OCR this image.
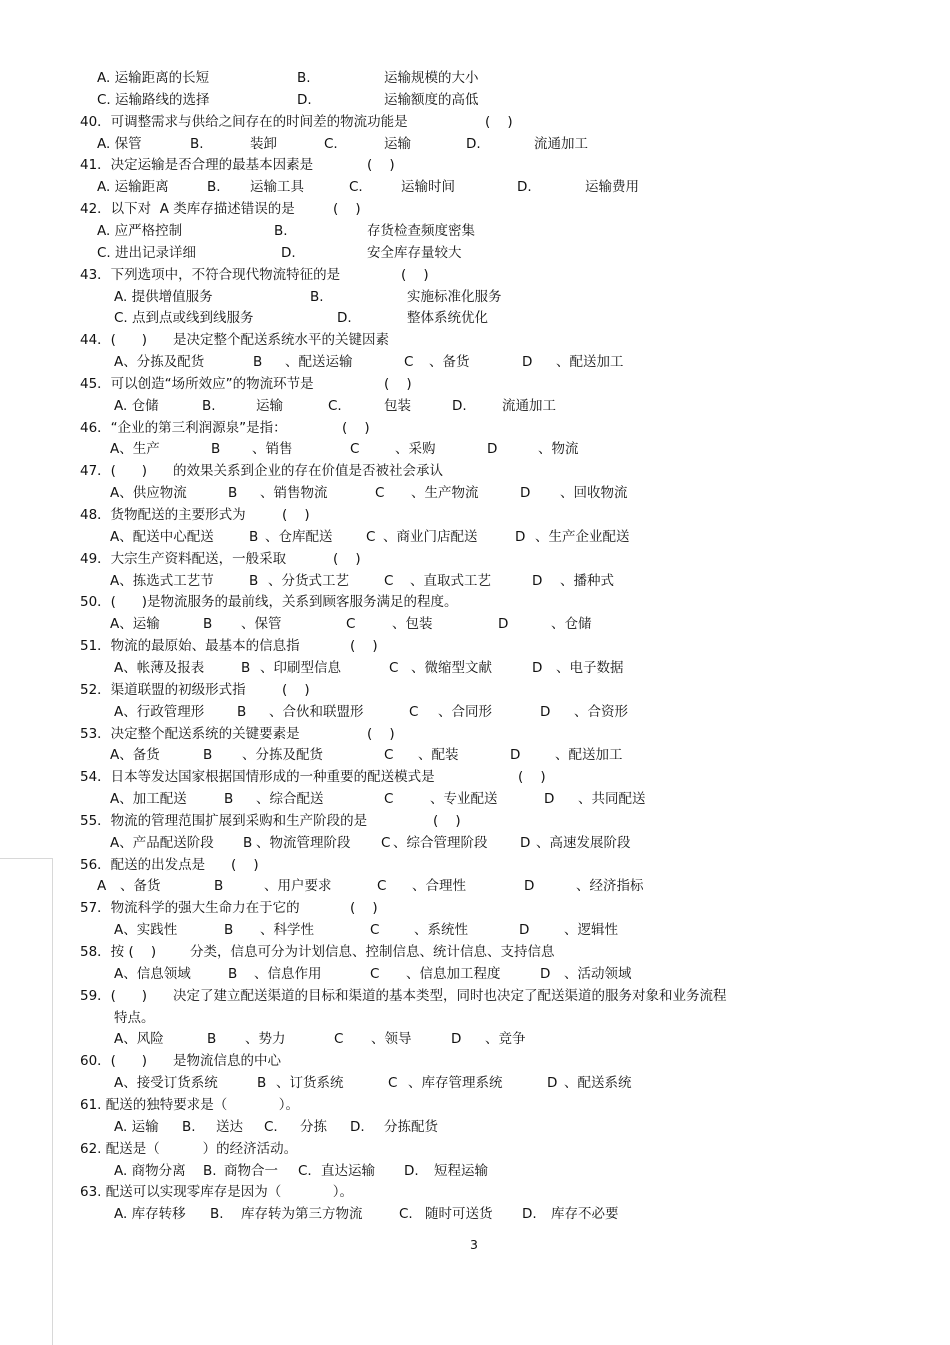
A. 运输距离的长短	B.	运输规模的大小
C. 运输路线的选择	D.	运输额度的高低
40．可调整需求与供给之间存在的时间差的物流功能是	(    )
A. 保管	B.	装卸	C.	运输	D.	流通加工
41．决定运输是否合理的最基本因素是	(    )
A. 运输距离	B. 运输工具	C.	运输时间	D.	运输费用
42．以下对  A 类库存描述错误的是	(    )
A. 应严格控制	B.	存货检查频度密集
C. 进出记录详细	D.	安全库存量较大
43．下列选项中，不符合现代物流特征的是	(    )
A. 提供增值服务	B.	实施标准化服务
C. 点到点或线到线服务	D.	整体系统优化
44．(      ) 是决定整个配送系统水平的关键因素
A、分拣及配货	B 、配送运输	C 、备货	D 、配送加工
45．可以创造“场所效应”的物流环节是	(    )
A. 仓储	B.	运输	C.	包装	D.	流通加工
46．“企业的第三利润源泉”是指：	(    )
A、生产	B 、销售	C	、采购	D	、物流
47．(      ) 的效果关系到企业的存在价值是否被社会承认
A、供应物流	B 、销售物流	C 、生产物流	D 、回收物流
48．货物配送的主要形式为	(    )
A、配送中心配送	B 、仓库配送 C 、商业门店配送	D 、生产企业配送
49．大宗生产资料配送，一般采取	(    )
A、拣选式工艺节	B 、分货式工艺	C 、直取式工艺	D 、播种式
50．(      ) 是物流服务的最前线，关系到顾客服务满足的程度。
A、运输	B 、保管	C	、包装	D	、仓储
51．物流的最原始、最基本的信息指	(    )
A、帐薄及报表	B 、印刷型信息	C 、微缩型文献	D 、电子数据
52．渠道联盟的初级形式指	(    )
A、行政管理形 B 、合伙和联盟形	C 、合同形	D 、合资形
53．决定整个配送系统的关键要素是	(    )
A、备货	B 、分拣及配货	C 、配装	D	、配送加工
54．日本等发达国家根据国情形成的一种重要的配送模式是	(    )
A、加工配送	B 、综合配送	C	、专业配送	D 、共同配送
55．物流的管理范围扩展到采购和生产阶段的是	(    )
A、产品配送阶段 B 、物流管理阶段 C 、综合管理阶段 D 、高速发展阶段
56．配送的出发点是 (    )
A 、备货	B	、用户要求	C 、合理性	D	、经济指标
57．物流科学的强大生命力在于它的	(    )
A、实践性	B 、科学性	C	、系统性	D	、逻辑性
58．按 (    )	分类，信息可分为计划信息、控制信息、统计信息、支持信息
A、信息领域	B 、信息作用	C 、信息加工程度	D 、活动领域
59．(      ) 决定了建立配送渠道的目标和渠道的基本类型，同时也决定了配送渠道的服务对象和业务流程
特点。
A、风险	B 、势力	C 、领导	D 、竞争
60．(      ) 是物流信息的中心
A、接受订货系统	B 、订货系统	C 、库存管理系统	D 、配送系统
61. 配送的独特要求是（            ）。
A. 运输 B. 送达 C. 分拣 D. 分拣配货
62. 配送是（          ）的经济活动。
A. 商物分离 B. 商物合一 C. 直达运输 D. 短程运输
63. 配送可以实现零库存是因为（            ）。
A. 库存转移 B. 库存转为第三方物流	C. 随时可送货 D. 库存不必要
3
